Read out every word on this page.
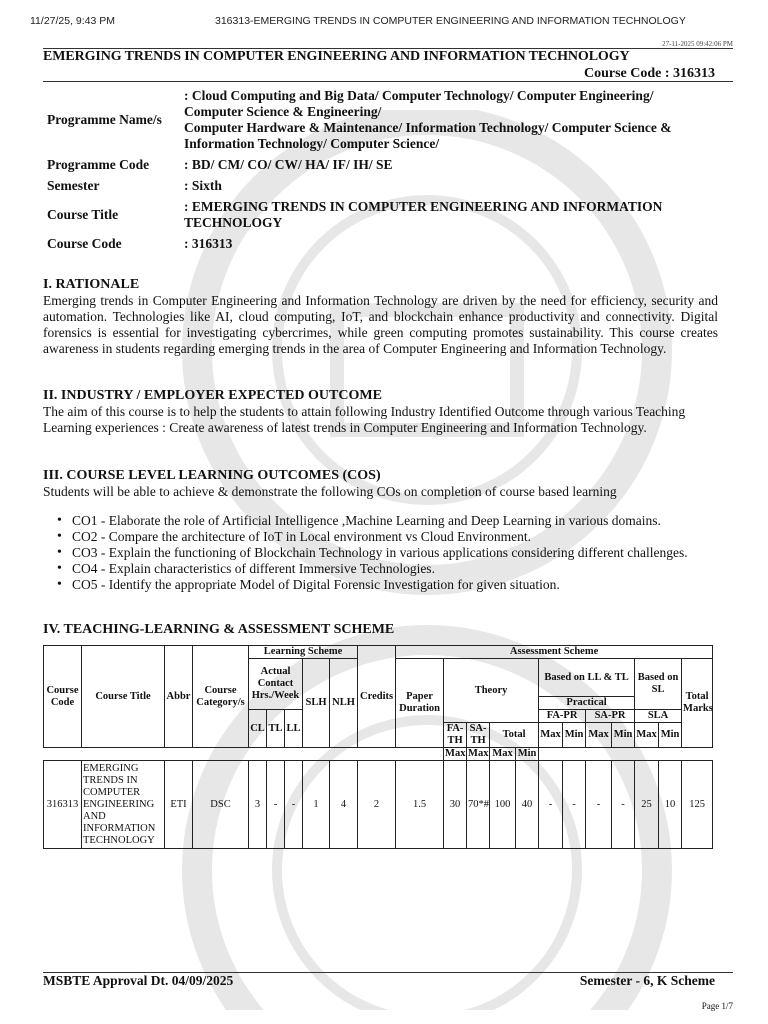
11/27/25, 9:43 PM	316313-EMERGING TRENDS IN COMPUTER ENGINEERING AND INFORMATION TECHNOLOGY
27-11-2025 09:42:06 PM
EMERGING TRENDS IN COMPUTER ENGINEERING AND INFORMATION TECHNOLOGY
Course Code : 316313
Programme Name/s	: Cloud Computing and Big Data/ Computer Technology/ Computer Engineering/
Computer Science & Engineering/
Computer Hardware & Maintenance/ Information Technology/ Computer Science &
Information Technology/ Computer Science/

Programme Code	: BD/ CM/ CO/ CW/ HA/ IF/ IH/ SE
Semester	: Sixth
Course Title	: EMERGING TRENDS IN COMPUTER ENGINEERING AND INFORMATION TECHNOLOGY
Course Code	: 316313
I. RATIONALE
Emerging trends in Computer Engineering and Information Technology are driven by the need for efficiency, security and automation. Technologies like AI, cloud computing, IoT, and blockchain enhance productivity and connectivity. Digital forensics is essential for investigating cybercrimes, while green computing promotes sustainability. This course creates awareness in students regarding emerging trends in the area of Computer Engineering and Information Technology.
II. INDUSTRY / EMPLOYER EXPECTED OUTCOME
The aim of this course is to help the students to attain following Industry Identified Outcome through various Teaching Learning experiences : Create awareness of latest trends in Computer Engineering and Information Technology.
III. COURSE LEVEL LEARNING OUTCOMES (COS)
Students will be able to achieve & demonstrate the following COs on completion of course based learning
• CO1 - Elaborate the role of Artificial Intelligence ,Machine Learning and Deep Learning in various domains.
• CO2 - Compare the architecture of IoT in Local environment vs Cloud Environment.
• CO3 - Explain the functioning of Blockchain Technology in various applications considering different challenges.
• CO4 - Explain characteristics of different Immersive Technologies.
• CO5 - Identify the appropriate Model of Digital Forensic Investigation for given situation.
IV. TEACHING-LEARNING & ASSESSMENT SCHEME
Course Code	Course Title	Abbr	Course Category/s	Learning Scheme					Credits	Assessment Scheme												
				Actual Contact Hrs./Week			SLH	NLH		Paper Duration	Theory				Based on LL & TL				Based on SL		Total Marks	
															Practical							
				CL	TL	LL									FA-PR		SA-PR		SLA			
											FA-TH	SA-TH	Total		Max	Min	Max	Min	Max	Min		
											Max	Max	Max	Min								
316313	EMERGING TRENDS IN COMPUTER ENGINEERING AND INFORMATION TECHNOLOGY	ETI	DSC	3	-	-	1	4	2	1.5	30	70*#	100	40	-	-	-	-	25	10	125	
MSBTE Approval Dt. 04/09/2025	Semester - 6, K Scheme
Page 1/7
